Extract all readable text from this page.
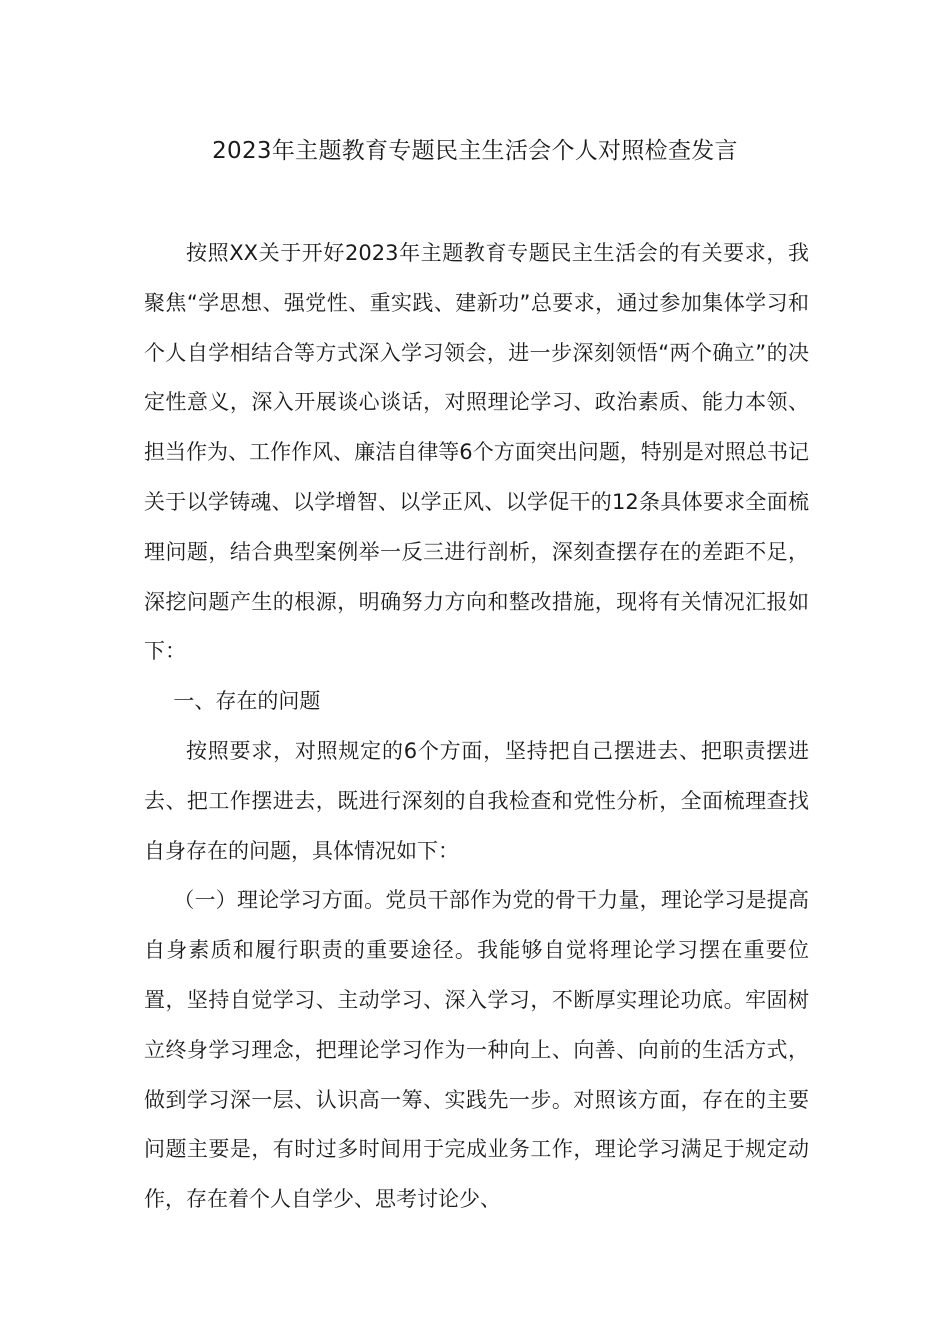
2023年主题教育专题民主生活会个人对照检查发言

按照XX关于开好2023年主题教育专题民主生活会的有关要求，我聚焦“学思想、强党性、重实践、建新功”总要求，通过参加集体学习和个人自学相结合等方式深入学习领会，进一步深刻领悟“两个确立”的决定性意义，深入开展谈心谈话，对照理论学习、政治素质、能力本领、担当作为、工作作风、廉洁自律等6个方面突出问题，特别是对照总书记关于以学铸魂、以学增智、以学正风、以学促干的12条具体要求全面梳理问题，结合典型案例举一反三进行剖析，深刻查摆存在的差距不足，深挖问题产生的根源，明确努力方向和整改措施，现将有关情况汇报如下：

一、存在的问题

按照要求，对照规定的6个方面，坚持把自己摆进去、把职责摆进去、把工作摆进去，既进行深刻的自我检查和党性分析，全面梳理查找自身存在的问题，具体情况如下：

（一）理论学习方面。党员干部作为党的骨干力量，理论学习是提高自身素质和履行职责的重要途径。我能够自觉将理论学习摆在重要位置，坚持自觉学习、主动学习、深入学习，不断厚实理论功底。牢固树立终身学习理念，把理论学习作为一种向上、向善、向前的生活方式，做到学习深一层、认识高一筹、实践先一步。对照该方面，存在的主要问题主要是，有时过多时间用于完成业务工作，理论学习满足于规定动作，存在着个人自学少、思考讨论少、
